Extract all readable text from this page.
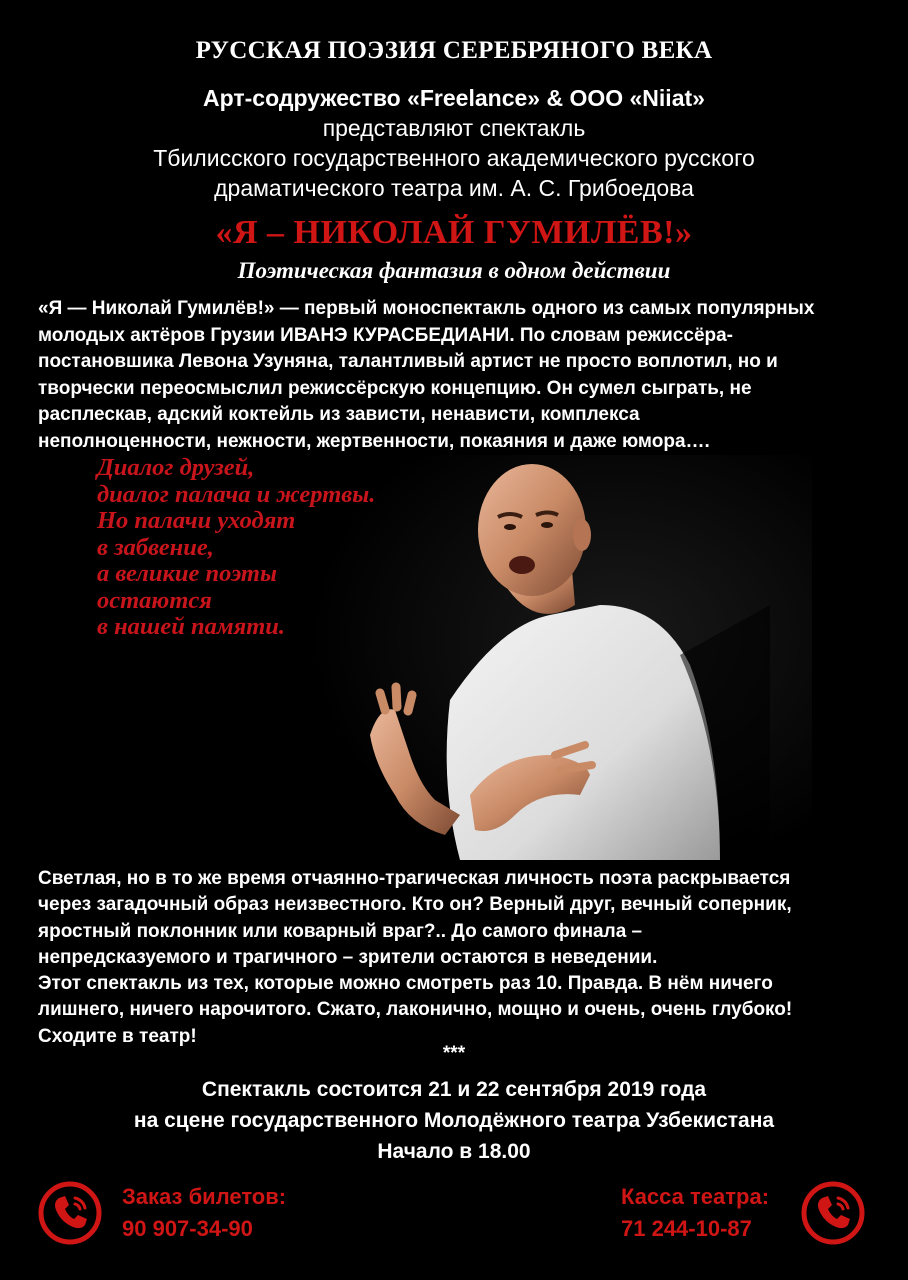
РУССКАЯ ПОЭЗИЯ СЕРЕБРЯНОГО ВЕКА
Арт-содружество «Freelance» & ООО «Niiat»
представляют спектакль
Тбилисского государственного академического русского
драматического театра им. А. С. Грибоедова
«Я – НИКОЛАЙ ГУМИЛЁВ!»
Поэтическая фантазия в одном действии
«Я — Николай Гумилёв!» — первый моноспектакль одного из самых популярных
молодых актёров Грузии ИВАНЭ КУРАСБЕДИАНИ. По словам режиссёра-
постановшика Левона Узуняна, талантливый артист не просто воплотил, но и
творчески переосмыслил режиссёрскую концепцию. Он сумел сыграть, не
расплескав, адский коктейль из зависти, ненависти, комплекса
неполноценности, нежности, жертвенности, покаяния и даже юмора….
Диалог друзей,
диалог палача и жертвы.
Но палачи уходят
в забвение,
а великие поэты
остаются
в нашей памяти.
Светлая, но в то же время отчаянно-трагическая личность поэта раскрывается
через загадочный образ неизвестного. Кто он? Верный друг, вечный соперник,
яростный поклонник или коварный враг?.. До самого финала –
непредсказуемого и трагичного – зрители остаются в неведении.
Этот спектакль из тех, которые можно смотреть раз 10. Правда. В нём ничего
лишнего, ничего нарочитого. Сжато, лаконично, мощно и очень, очень глубоко!
Сходите в театр!
***
Спектакль состоится 21 и 22 сентября 2019 года
на сцене государственного Молодёжного театра Узбекистана
Начало в 18.00
Заказ билетов:
90 907-34-90
Касса театра:
71 244-10-87
